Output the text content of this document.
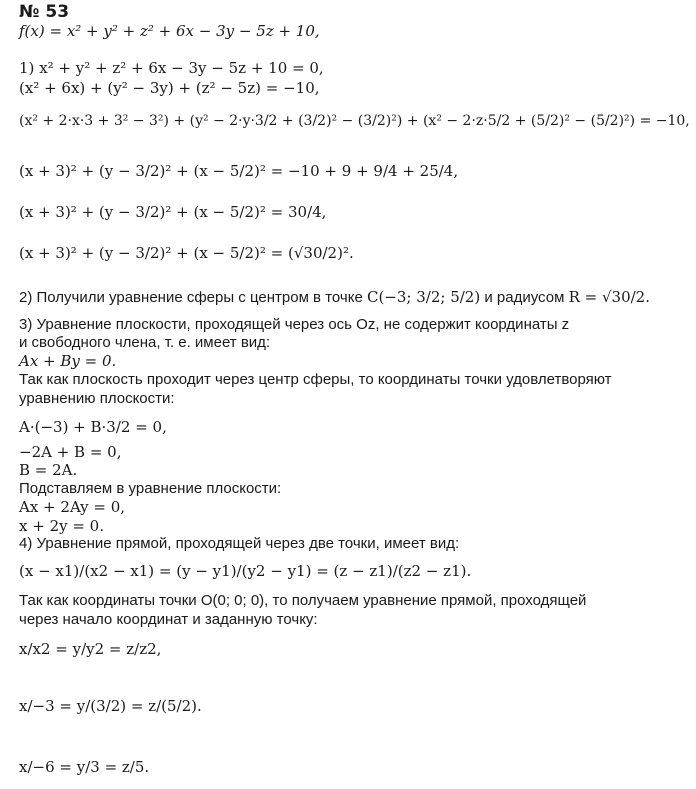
№ 53
f(x) = x² + y² + z² + 6x − 3y − 5z + 10,
1) x² + y² + z² + 6x − 3y − 5z + 10 = 0,
(x² + 6x) + (y² − 3y) + (z² − 5z) = −10,
(x² + 2·x·3 + 3² − 3²) + (y² − 2·y·3/2 + (3/2)² − (3/2)²) + (x² − 2·z·5/2 + (5/2)² − (5/2)²) = −10,
(x + 3)² + (y − 3/2)² + (x − 5/2)² = −10 + 9 + 9/4 + 25/4,
(x + 3)² + (y − 3/2)² + (x − 5/2)² = 30/4,
(x + 3)² + (y − 3/2)² + (x − 5/2)² = (√30/2)².
2) Получили уравнение сферы с центром в точке C(−3; 3/2; 5/2) и радиусом R = √30/2.
3) Уравнение плоскости, проходящей через ось Oz, не содержит координаты z
и свободного члена, т. е. имеет вид:
Ax + By = 0.
Так как плоскость проходит через центр сферы, то координаты точки удовлетворяют
уравнению плоскости:
A·(−3) + B·3/2 = 0,
−2A + B = 0,
B = 2A.
Подставляем в уравнение плоскости:
Ax + 2Ay = 0,
x + 2y = 0.
4) Уравнение прямой, проходящей через две точки, имеет вид:
(x − x1)/(x2 − x1) = (y − y1)/(y2 − y1) = (z − z1)/(z2 − z1).
Так как координаты точки O(0; 0; 0), то получаем уравнение прямой, проходящей
через начало координат и заданную точку:
x/x2 = y/y2 = z/z2,
x/−3 = y/(3/2) = z/(5/2).
x/−6 = y/3 = z/5.
